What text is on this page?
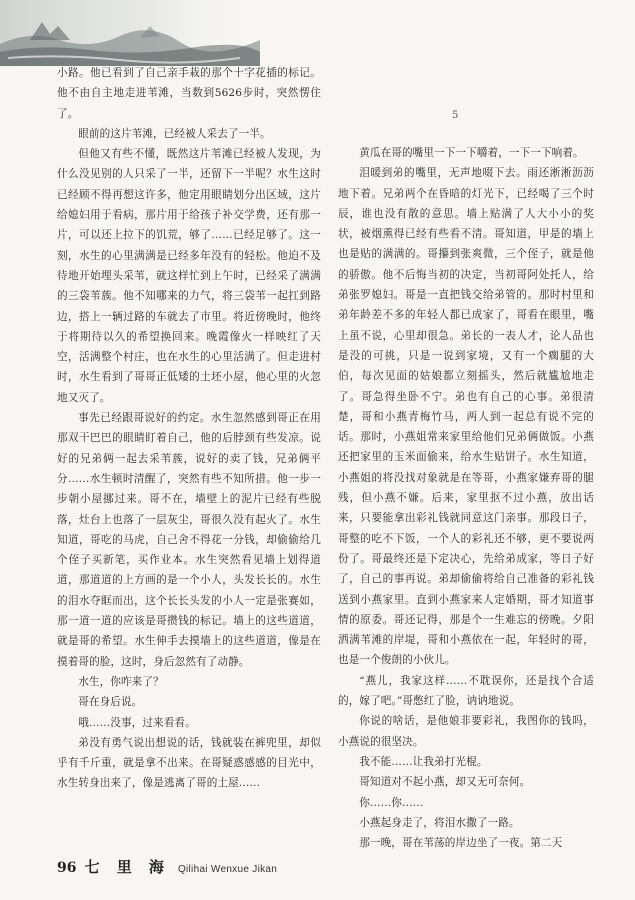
小路。他已看到了自己亲手栽的那个十字花插的标记。他不由自主地走进苇滩，当数到5626步时，突然愣住了。

眼前的这片苇滩，已经被人采去了一半。

但他又有些不懂，既然这片苇滩已经被人发现，为什么没见别的人只采了一半，还留下一半呢？水生这时已经顾不得再想这许多，他定用眼睛划分出区域，这片给媳妇用于看病，那片用于给孩子补交学费，还有那一片，可以还上拉下的饥荒，够了……已经足够了。这一刻，水生的心里满满是已经多年没有的轻松。他迫不及待地开始埋头采苇，就这样忙到上午时，已经采了满满的三袋苇蔟。他不知哪来的力气，将三袋苇一起扛到路边，搭上一辆过路的车就去了市里。将近傍晚时，他终于将期待以久的希望换回来。晚霞像火一样映红了天空，活满整个村庄，也在水生的心里活满了。但走进村时，水生看到了哥哥正低矮的土坯小屋，他心里的火忽地又灭了。

事先已经跟哥说好的约定。水生忽然感到哥正在用那双干巴巴的眼睛盯着自己，他的后脖颈有些发凉。说好的兄弟俩一起去采苇蔟，说好的卖了钱，兄弟俩平分……水生顿时清醒了，突然有些不知所措。他一步一步朝小屋挪过来。哥不在，墙壁上的泥片已经有些脱落，灶台上也落了一层灰尘，哥很久没有起火了。水生知道，哥吃的马虎，自己舍不得花一分钱，却偷偷给几个侄子买新笔，买作业本。水生突然看见墙上划得道道，那道道的上方画的是一个小人，头发长长的。水生的泪水夺眶而出，这个长长头发的小人一定是张赛如，那一道一道的应该是哥攒钱的标记。墙上的这些道道，就是哥的希望。水生伸手去摸墙上的这些道道，像是在摸着哥的脸，这时，身后忽然有了动静。

水生，你咋来了？

哥在身后说。

哦……没事，过来看看。

弟没有勇气说出想说的话，钱就装在裤兜里，却似乎有千斤重，就是拿不出来。在哥疑惑感感的目光中，水生转身出来了，像是逃离了哥的土屋……

5

黄瓜在哥的嘴里一下一下嚼着，一下一下响着。

泪暖到弟的嘴里，无声地啜下去。雨还淅淅沥沥地下着。兄弟两个在昏暗的灯光下，已经喝了三个时辰，谁也没有散的意思。墙上贴满了人大小小的奖状，被烟熏得已经有些看不清。哥知道，甲是的墙上也是贴的满满的。哥攥到张爽微，三个侄子，就是他的骄傲。他不后悔当初的决定，当初哥阿处托人，给弟张罗媳妇。哥是一直把钱交给弟管的。那时村里和弟年龄差不多的年轻人都已成家了，哥看在眼里，嘴上虽不说，心里却很急。弟长的一表人才，论人品也是没的可挑，只是一说到家境，又有一个瘸腿的大伯，每次见面的姑娘都立刻摇头，然后就尴尬地走了。哥急得坐卧不宁。弟也有自己的心事。弟很清楚，哥和小燕青梅竹马，两人到一起总有说不完的话。那时，小燕姐常来家里给他们兄弟俩做饭。小燕还把家里的玉米面偷来，给水生贴饼子。水生知道，小燕姐的将没找对象就是在等哥，小燕家嫌弃哥的腿残，但小燕不嫌。后来，家里抠不过小燕，放出话来，只要能拿出彩礼钱就同意这门亲事。那段日子，哥整的吃不下饭，一个人的彩礼还不够，更不要说两份了。哥最终还是下定决心，先给弟成家，等日子好了，自己的事再说。弟却偷偷将给自己准备的彩礼钱送到小燕家里。直到小燕家来人定婚期，哥才知道事情的原委。哥还记得，那是个一生难忘的傍晚。夕阳洒满苇滩的岸堤，哥和小燕依在一起，年轻时的哥，也是一个俊朗的小伙儿。

“燕儿，我家这样……不耽误你，还是找个合适的，嫁了吧。”哥憋红了脸，讷讷地说。

你说的啥话，是他娘非要彩礼，我图你的钱吗，小燕说的很坚决。

我不能……让我弟打光棍。

哥知道对不起小燕，却又无可奈何。

你……你……

小燕起身走了，将泪水撒了一路。

那一晚，哥在苇荡的岸边坐了一夜。第二天

96 七 里 海 Qilihai Wenxue Jikan
